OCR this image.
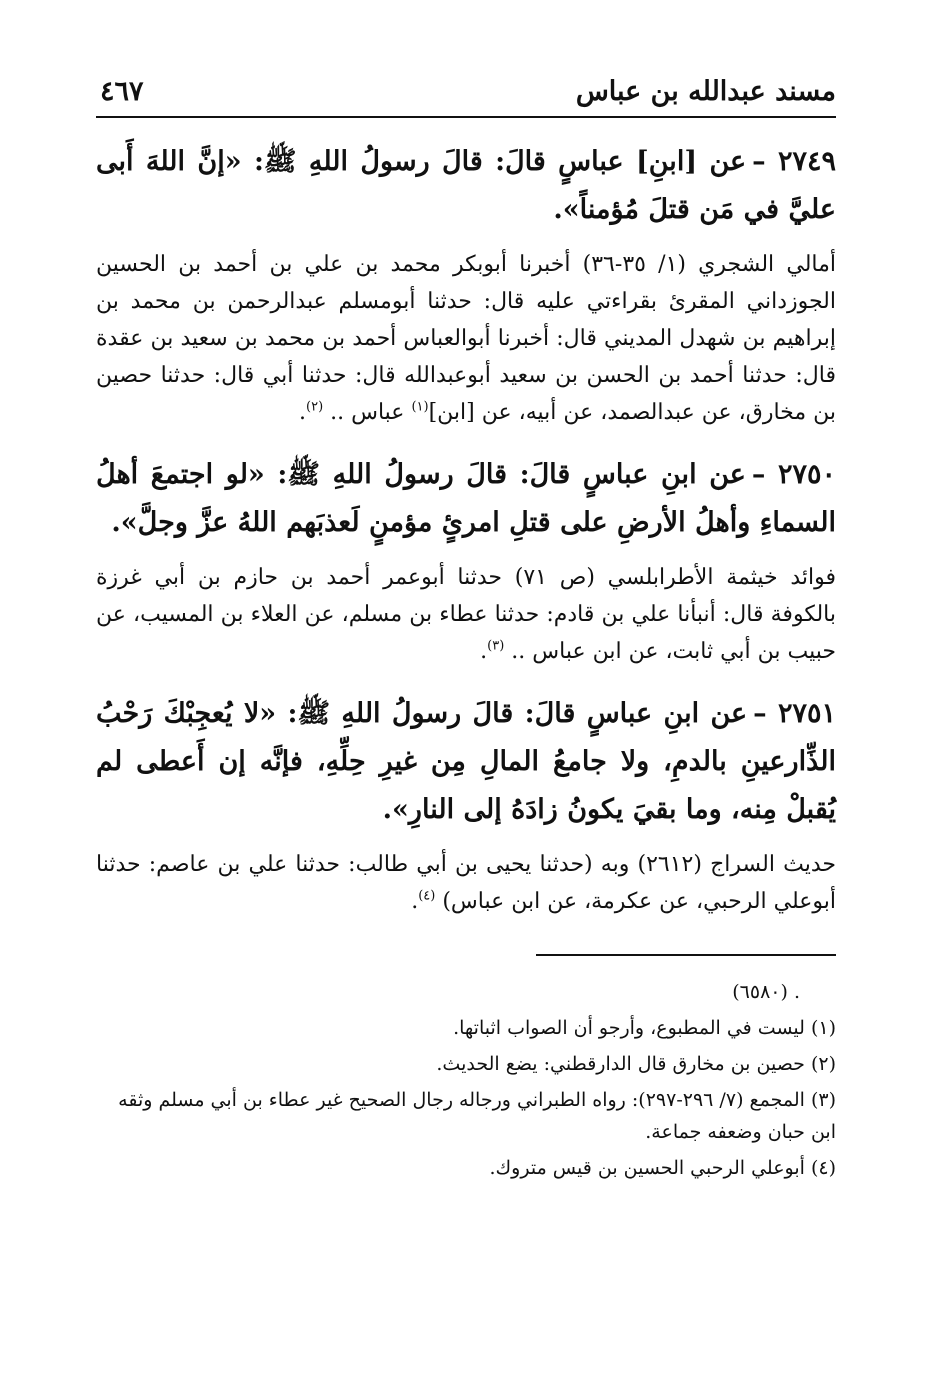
مسند عبدالله بن عباس
٤٦٧

٢٧٤٩ –عن [ابنِ] عباسٍ قالَ: قالَ رسولُ اللهِ ﷺ: «إنَّ اللهَ أَبى عليَّ في مَن قتلَ مُؤمناً».

أمالي الشجري (١/ ٣٥-٣٦) أخبرنا أبوبكر محمد بن علي بن أحمد بن الحسين الجوزداني المقرئ بقراءتي عليه قال: حدثنا أبومسلم عبدالرحمن بن محمد بن إبراهيم بن شهدل المديني قال: أخبرنا أبوالعباس أحمد بن محمد بن سعيد بن عقدة قال: حدثنا أحمد بن الحسن بن سعيد أبوعبدالله قال: حدثنا أبي قال: حدثنا حصين بن مخارق، عن عبدالصمد، عن أبيه، عن [ابن]$^{(١)}$ عباس .. $^{(٢)}$.

٢٧٥٠ –عن ابنِ عباسٍ قالَ: قالَ رسولُ اللهِ ﷺ: «لو اجتمعَ أهلُ السماءِ وأهلُ الأرضِ على قتلِ امرئٍ مؤمنٍ لَعذبَهم اللهُ عزَّ وجلَّ».

فوائد خيثمة الأطرابلسي (ص ٧١) حدثنا أبوعمر أحمد بن حازم بن أبي غرزة بالكوفة قال: أنبأنا علي بن قادم: حدثنا عطاء بن مسلم، عن العلاء بن المسيب، عن حبيب بن أبي ثابت، عن ابن عباس .. $^{(٣)}$.

٢٧٥١ –عن ابنِ عباسٍ قالَ: قالَ رسولُ اللهِ ﷺ: «لا يُعجِبْكَ رَحْبُ الذِّارعينِ بالدمِ، ولا جامعُ المالِ مِن غيرِ حِلِّهِ، فإنَّه إن أَعطى لم يُقبلْ مِنه، وما بقيَ يكونُ زادَهُ إلى النارِ».

حديث السراج (٢٦١٢) وبه (حدثنا يحيى بن أبي طالب: حدثنا علي بن عاصم: حدثنا أبوعلي الرحبي، عن عكرمة، عن ابن عباس) $^{(٤)}$.

. (٦٥٨٠)

(١)ليست في المطبوع، وأرجو أن الصواب اثباتها.

(٢)حصين بن مخارق قال الدارقطني: يضع الحديث.

(٣)المجمع (٧/ ٢٩٦-٢٩٧): رواه الطبراني ورجاله رجال الصحيح غير عطاء بن أبي مسلم وثقه ابن حبان وضعفه جماعة.

(٤)أبوعلي الرحبي الحسين بن قيس متروك.
